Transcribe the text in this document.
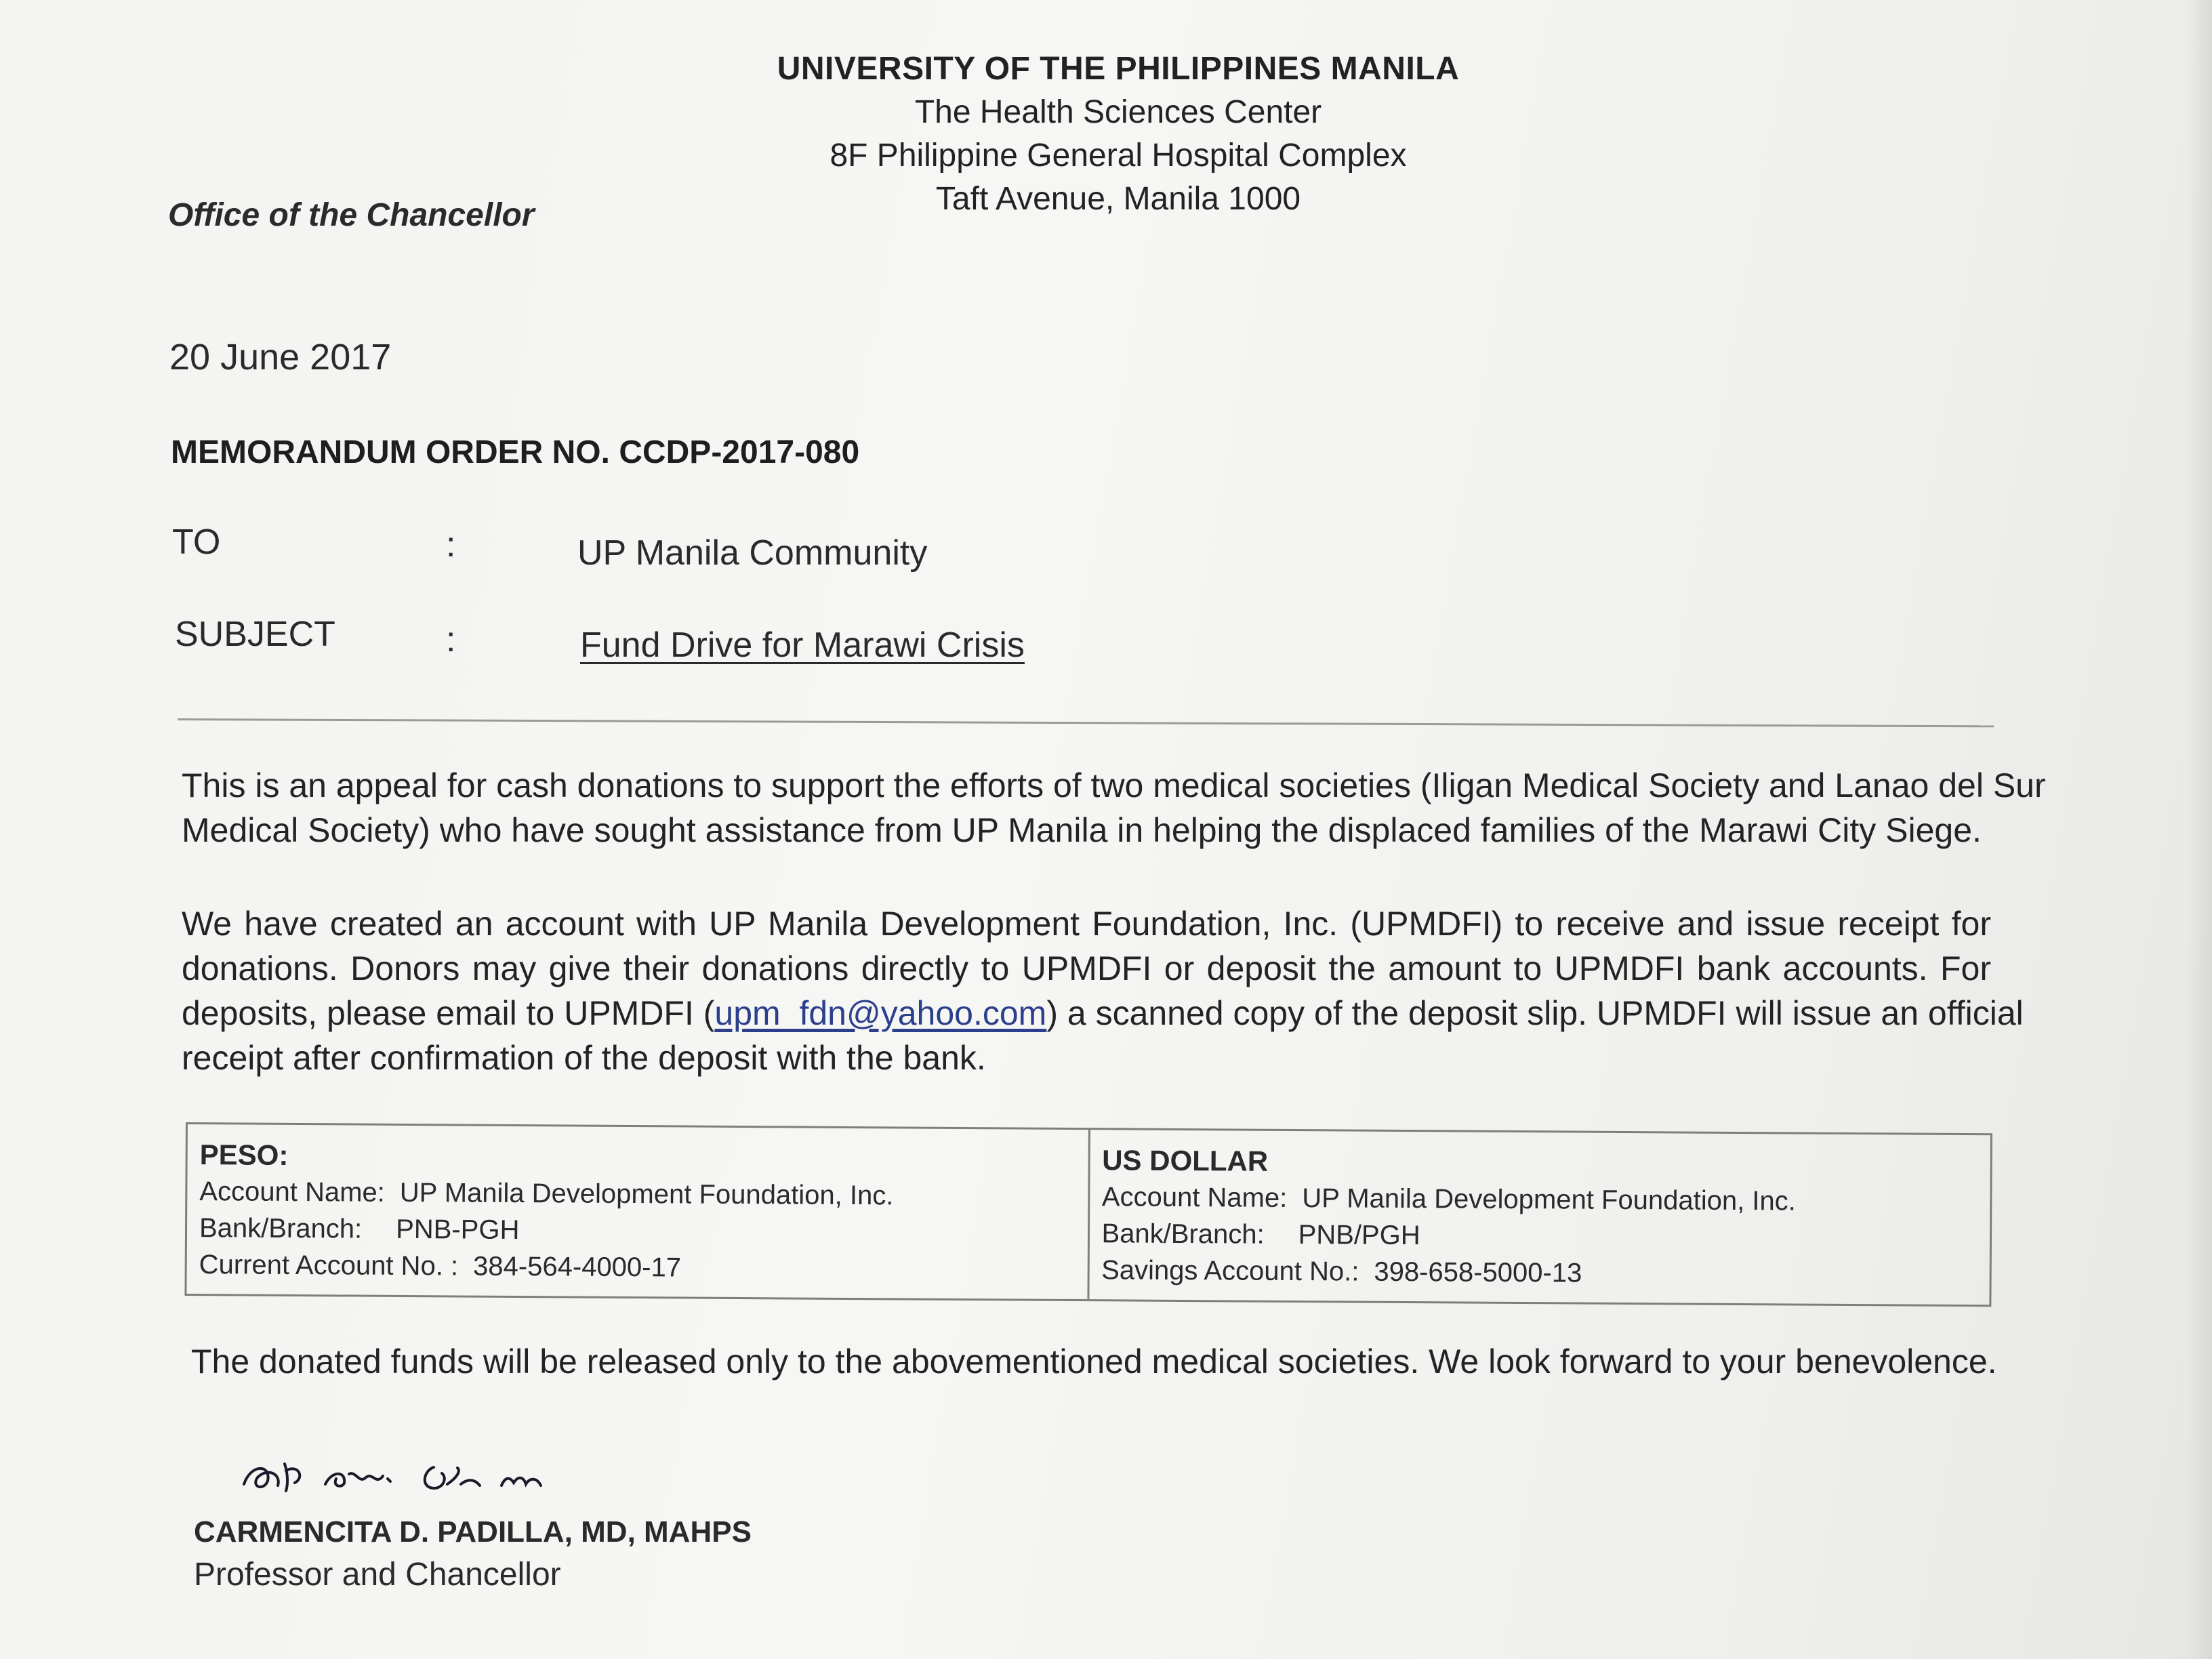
UNIVERSITY OF THE PHILIPPINES MANILA
The Health Sciences Center
8F Philippine General Hospital Complex
Taft Avenue, Manila 1000
Office of the Chancellor
20 June 2017
MEMORANDUM ORDER NO. CCDP-2017-080
TO	:	UP Manila Community
SUBJECT	:	Fund Drive for Marawi Crisis
This is an appeal for cash donations to support the efforts of two medical societies (Iligan Medical Society and Lanao del Sur
Medical Society) who have sought assistance from UP Manila in helping the displaced families of the Marawi City Siege.
We have created an account with UP Manila Development Foundation, Inc. (UPMDFI) to receive and issue receipt for
donations. Donors may give their donations directly to UPMDFI or deposit the amount to UPMDFI bank accounts. For
deposits, please email to UPMDFI (upm_fdn@yahoo.com) a scanned copy of the deposit slip. UPMDFI will issue an official
receipt after confirmation of the deposit with the bank.
PESO:
Account Name: UP Manila Development Foundation, Inc.
Bank/Branch: PNB-PGH
Current Account No. : 384-564-4000-17
US DOLLAR
Account Name: UP Manila Development Foundation, Inc.
Bank/Branch: PNB/PGH
Savings Account No.: 398-658-5000-13
The donated funds will be released only to the abovementioned medical societies. We look forward to your benevolence.
CARMENCITA D. PADILLA, MD, MAHPS
Professor and Chancellor
